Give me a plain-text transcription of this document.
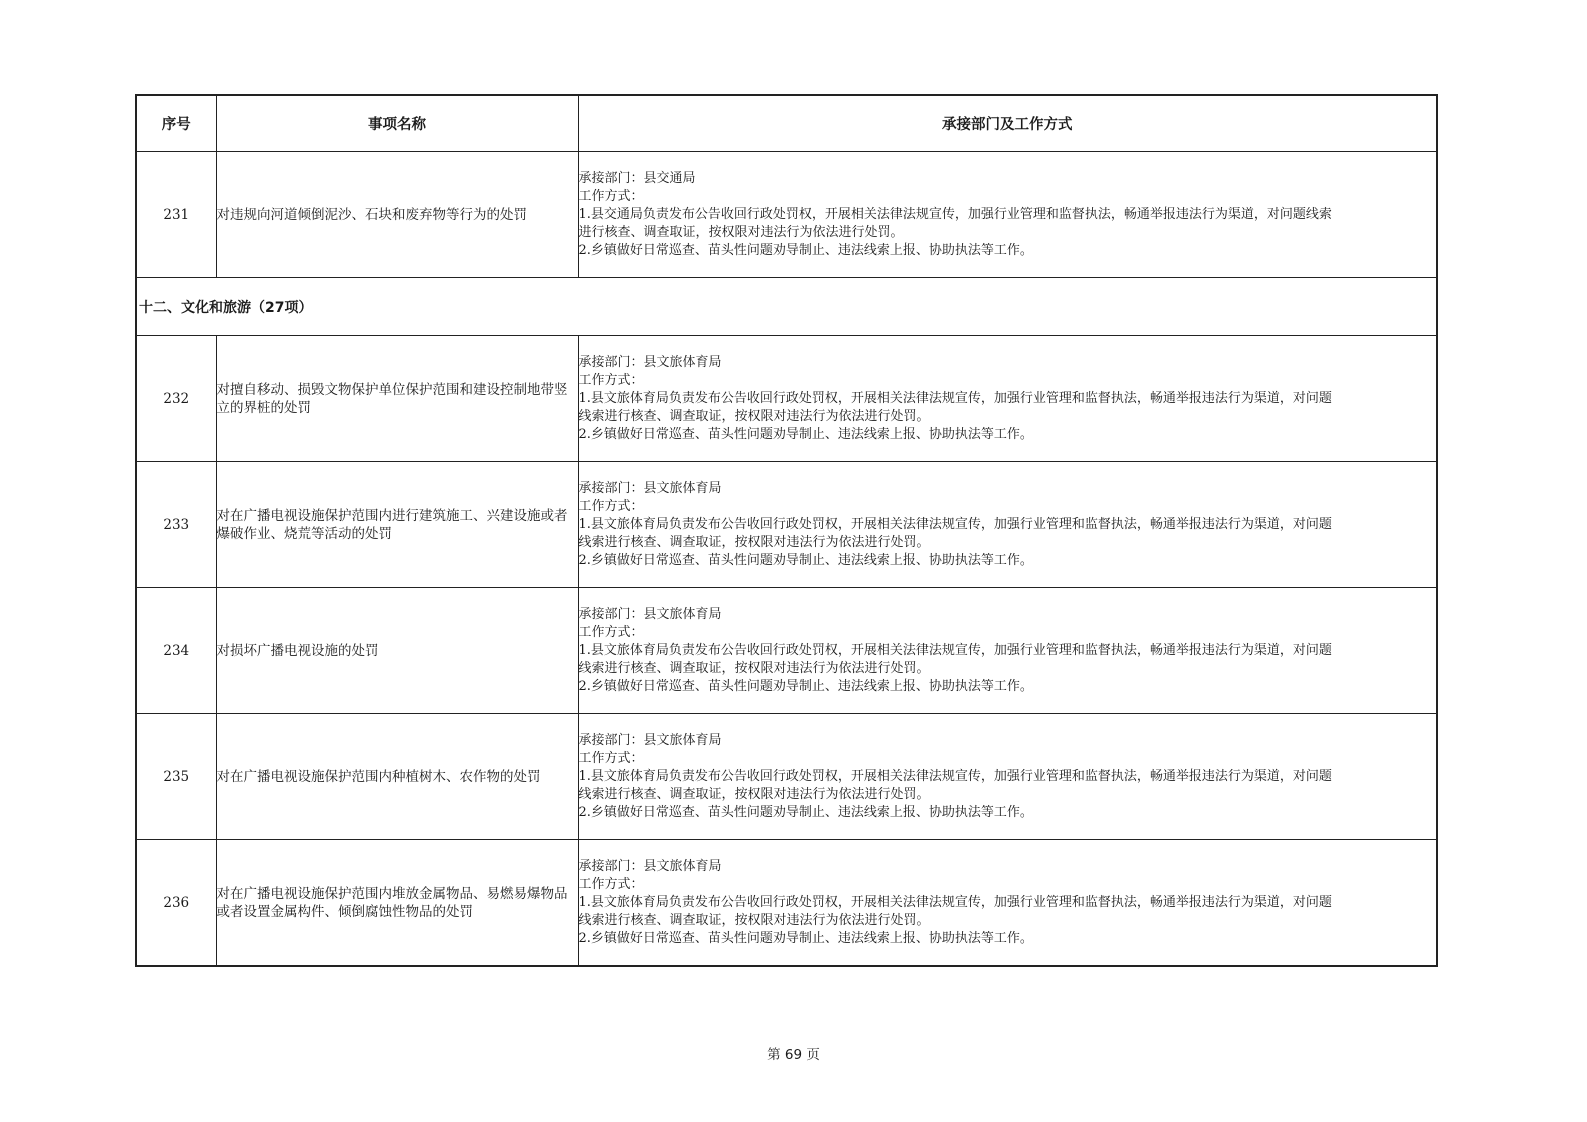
序号	事项名称	承接部门及工作方式
231	对违规向河道倾倒泥沙、石块和废弃物等行为的处罚	承接部门：县交通局
工作方式：
1.县交通局负责发布公告收回行政处罚权，开展相关法律法规宣传，加强行业管理和监督执法，畅通举报违法行为渠道，对问题线索
进行核查、调查取证，按权限对违法行为依法进行处罚。
2.乡镇做好日常巡查、苗头性问题劝导制止、违法线索上报、协助执法等工作。

十二、文化和旅游（27项）		
232	对擅自移动、损毁文物保护单位保护范围和建设控制地带竖立的界桩的处罚	承接部门：县文旅体育局
工作方式：
1.县文旅体育局负责发布公告收回行政处罚权，开展相关法律法规宣传，加强行业管理和监督执法，畅通举报违法行为渠道，对问题
线索进行核查、调查取证，按权限对违法行为依法进行处罚。
2.乡镇做好日常巡查、苗头性问题劝导制止、违法线索上报、协助执法等工作。

233	对在广播电视设施保护范围内进行建筑施工、兴建设施或者爆破作业、烧荒等活动的处罚	承接部门：县文旅体育局
工作方式：
1.县文旅体育局负责发布公告收回行政处罚权，开展相关法律法规宣传，加强行业管理和监督执法，畅通举报违法行为渠道，对问题
线索进行核查、调查取证，按权限对违法行为依法进行处罚。
2.乡镇做好日常巡查、苗头性问题劝导制止、违法线索上报、协助执法等工作。

234	对损坏广播电视设施的处罚	承接部门：县文旅体育局
工作方式：
1.县文旅体育局负责发布公告收回行政处罚权，开展相关法律法规宣传，加强行业管理和监督执法，畅通举报违法行为渠道，对问题
线索进行核查、调查取证，按权限对违法行为依法进行处罚。
2.乡镇做好日常巡查、苗头性问题劝导制止、违法线索上报、协助执法等工作。

235	对在广播电视设施保护范围内种植树木、农作物的处罚	承接部门：县文旅体育局
工作方式：
1.县文旅体育局负责发布公告收回行政处罚权，开展相关法律法规宣传，加强行业管理和监督执法，畅通举报违法行为渠道，对问题
线索进行核查、调查取证，按权限对违法行为依法进行处罚。
2.乡镇做好日常巡查、苗头性问题劝导制止、违法线索上报、协助执法等工作。

236	对在广播电视设施保护范围内堆放金属物品、易燃易爆物品或者设置金属构件、倾倒腐蚀性物品的处罚	承接部门：县文旅体育局
工作方式：
1.县文旅体育局负责发布公告收回行政处罚权，开展相关法律法规宣传，加强行业管理和监督执法，畅通举报违法行为渠道，对问题
线索进行核查、调查取证，按权限对违法行为依法进行处罚。
2.乡镇做好日常巡查、苗头性问题劝导制止、违法线索上报、协助执法等工作。
第 69 页
